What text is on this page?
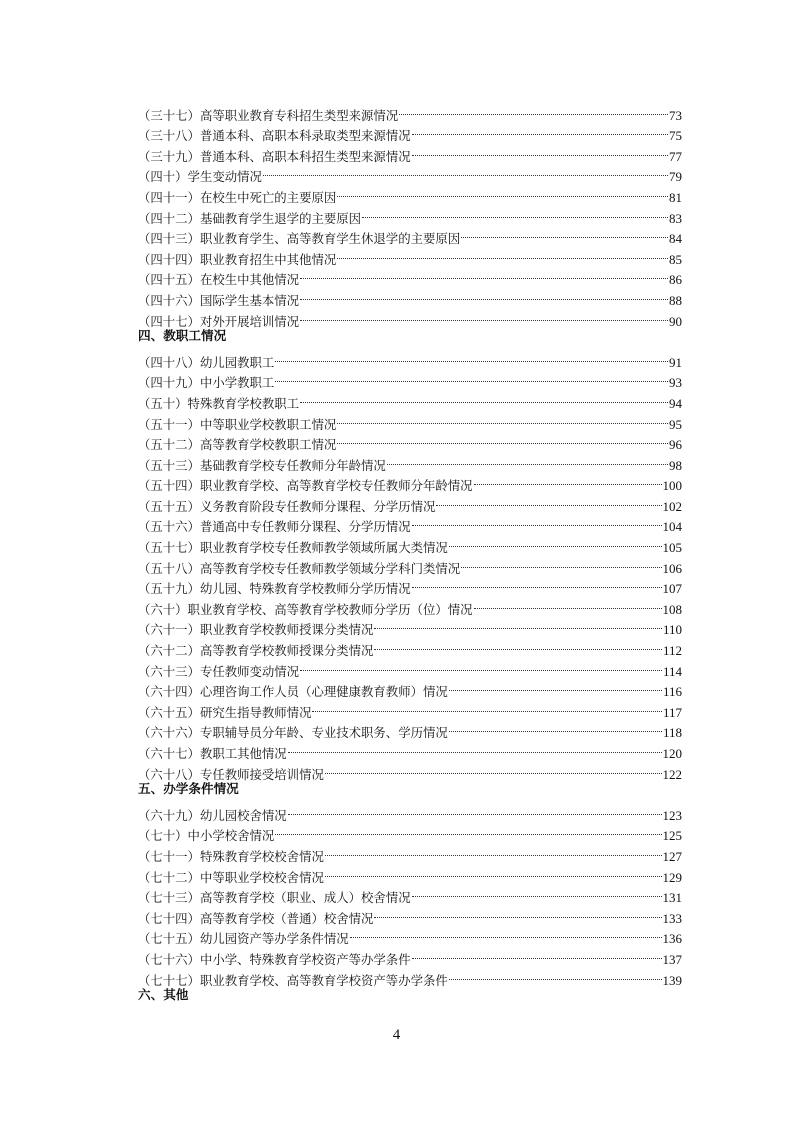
（三十七）高等职业教育专科招生类型来源情况	73
（三十八）普通本科、高职本科录取类型来源情况	75
（三十九）普通本科、高职本科招生类型来源情况	77
（四十）学生变动情况	79
（四十一）在校生中死亡的主要原因	81
（四十二）基础教育学生退学的主要原因	83
（四十三）职业教育学生、高等教育学生休退学的主要原因	84
（四十四）职业教育招生中其他情况	85
（四十五）在校生中其他情况	86
（四十六）国际学生基本情况	88
（四十七）对外开展培训情况	90
四、教职工情况
（四十八）幼儿园教职工	91
（四十九）中小学教职工	93
（五十）特殊教育学校教职工	94
（五十一）中等职业学校教职工情况	95
（五十二）高等教育学校教职工情况	96
（五十三）基础教育学校专任教师分年龄情况	98
（五十四）职业教育学校、高等教育学校专任教师分年龄情况	100
（五十五）义务教育阶段专任教师分课程、分学历情况	102
（五十六）普通高中专任教师分课程、分学历情况	104
（五十七）职业教育学校专任教师教学领域所属大类情况	105
（五十八）高等教育学校专任教师教学领域分学科门类情况	106
（五十九）幼儿园、特殊教育学校教师分学历情况	107
（六十）职业教育学校、高等教育学校教师分学历（位）情况	108
（六十一）职业教育学校教师授课分类情况	110
（六十二）高等教育学校教师授课分类情况	112
（六十三）专任教师变动情况	114
（六十四）心理咨询工作人员（心理健康教育教师）情况	116
（六十五）研究生指导教师情况	117
（六十六）专职辅导员分年龄、专业技术职务、学历情况	118
（六十七）教职工其他情况	120
（六十八）专任教师接受培训情况	122
五、办学条件情况
（六十九）幼儿园校舍情况	123
（七十）中小学校舍情况	125
（七十一）特殊教育学校校舍情况	127
（七十二）中等职业学校校舍情况	129
（七十三）高等教育学校（职业、成人）校舍情况	131
（七十四）高等教育学校（普通）校舍情况	133
（七十五）幼儿园资产等办学条件情况	136
（七十六）中小学、特殊教育学校资产等办学条件	137
（七十七）职业教育学校、高等教育学校资产等办学条件	139
六、其他
4
